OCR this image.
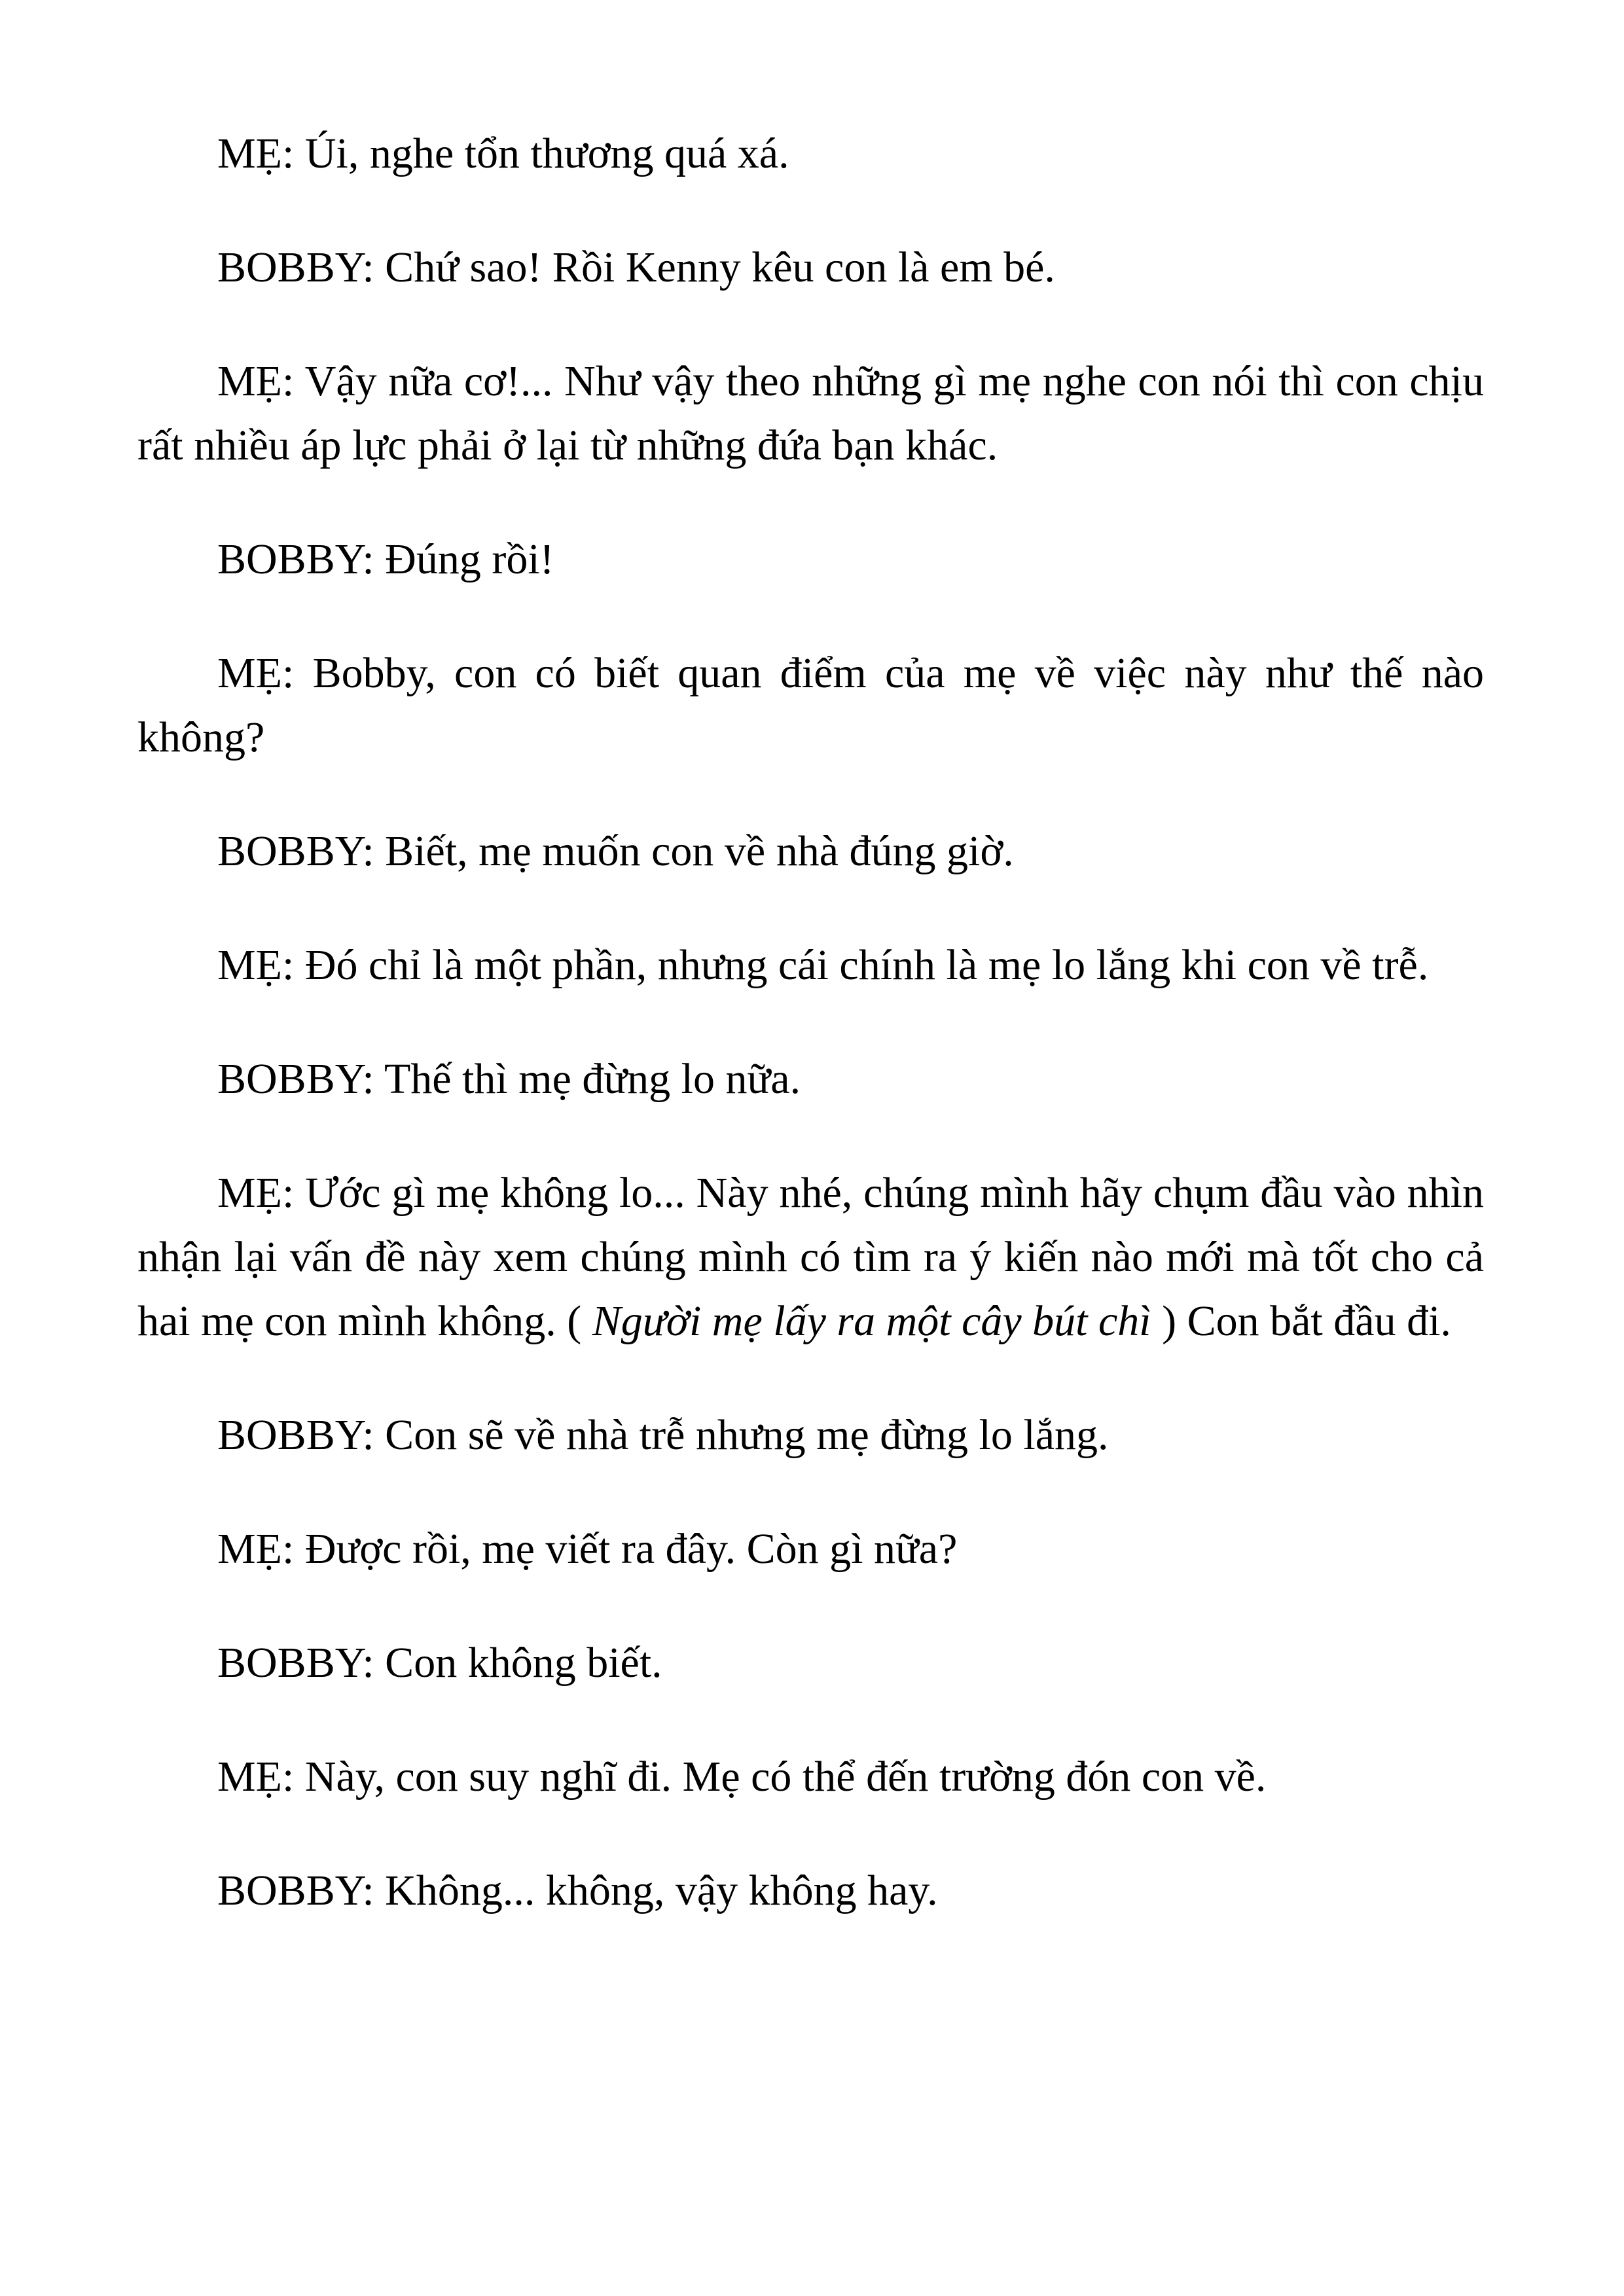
MẸ: Úi, nghe tổn thương quá xá.

BOBBY: Chứ sao! Rồi Kenny kêu con là em bé.

MẸ: Vậy nữa cơ!... Như vậy theo những gì mẹ nghe con nói thì con chịu rất nhiều áp lực phải ở lại từ những đứa bạn khác.

BOBBY: Đúng rồi!

MẸ: Bobby, con có biết quan điểm của mẹ về việc này như thế nào không?

BOBBY: Biết, mẹ muốn con về nhà đúng giờ.

MẸ: Đó chỉ là một phần, nhưng cái chính là mẹ lo lắng khi con về trễ.

BOBBY: Thế thì mẹ đừng lo nữa.

MẸ: Ước gì mẹ không lo... Này nhé, chúng mình hãy chụm đầu vào nhìn nhận lại vấn đề này xem chúng mình có tìm ra ý kiến nào mới mà tốt cho cả hai mẹ con mình không. ( Người mẹ lấy ra một cây bút chì ) Con bắt đầu đi.

BOBBY: Con sẽ về nhà trễ nhưng mẹ đừng lo lắng.

MẸ: Được rồi, mẹ viết ra đây. Còn gì nữa?

BOBBY: Con không biết.

MẸ: Này, con suy nghĩ đi. Mẹ có thể đến trường đón con về.

BOBBY: Không... không, vậy không hay.
